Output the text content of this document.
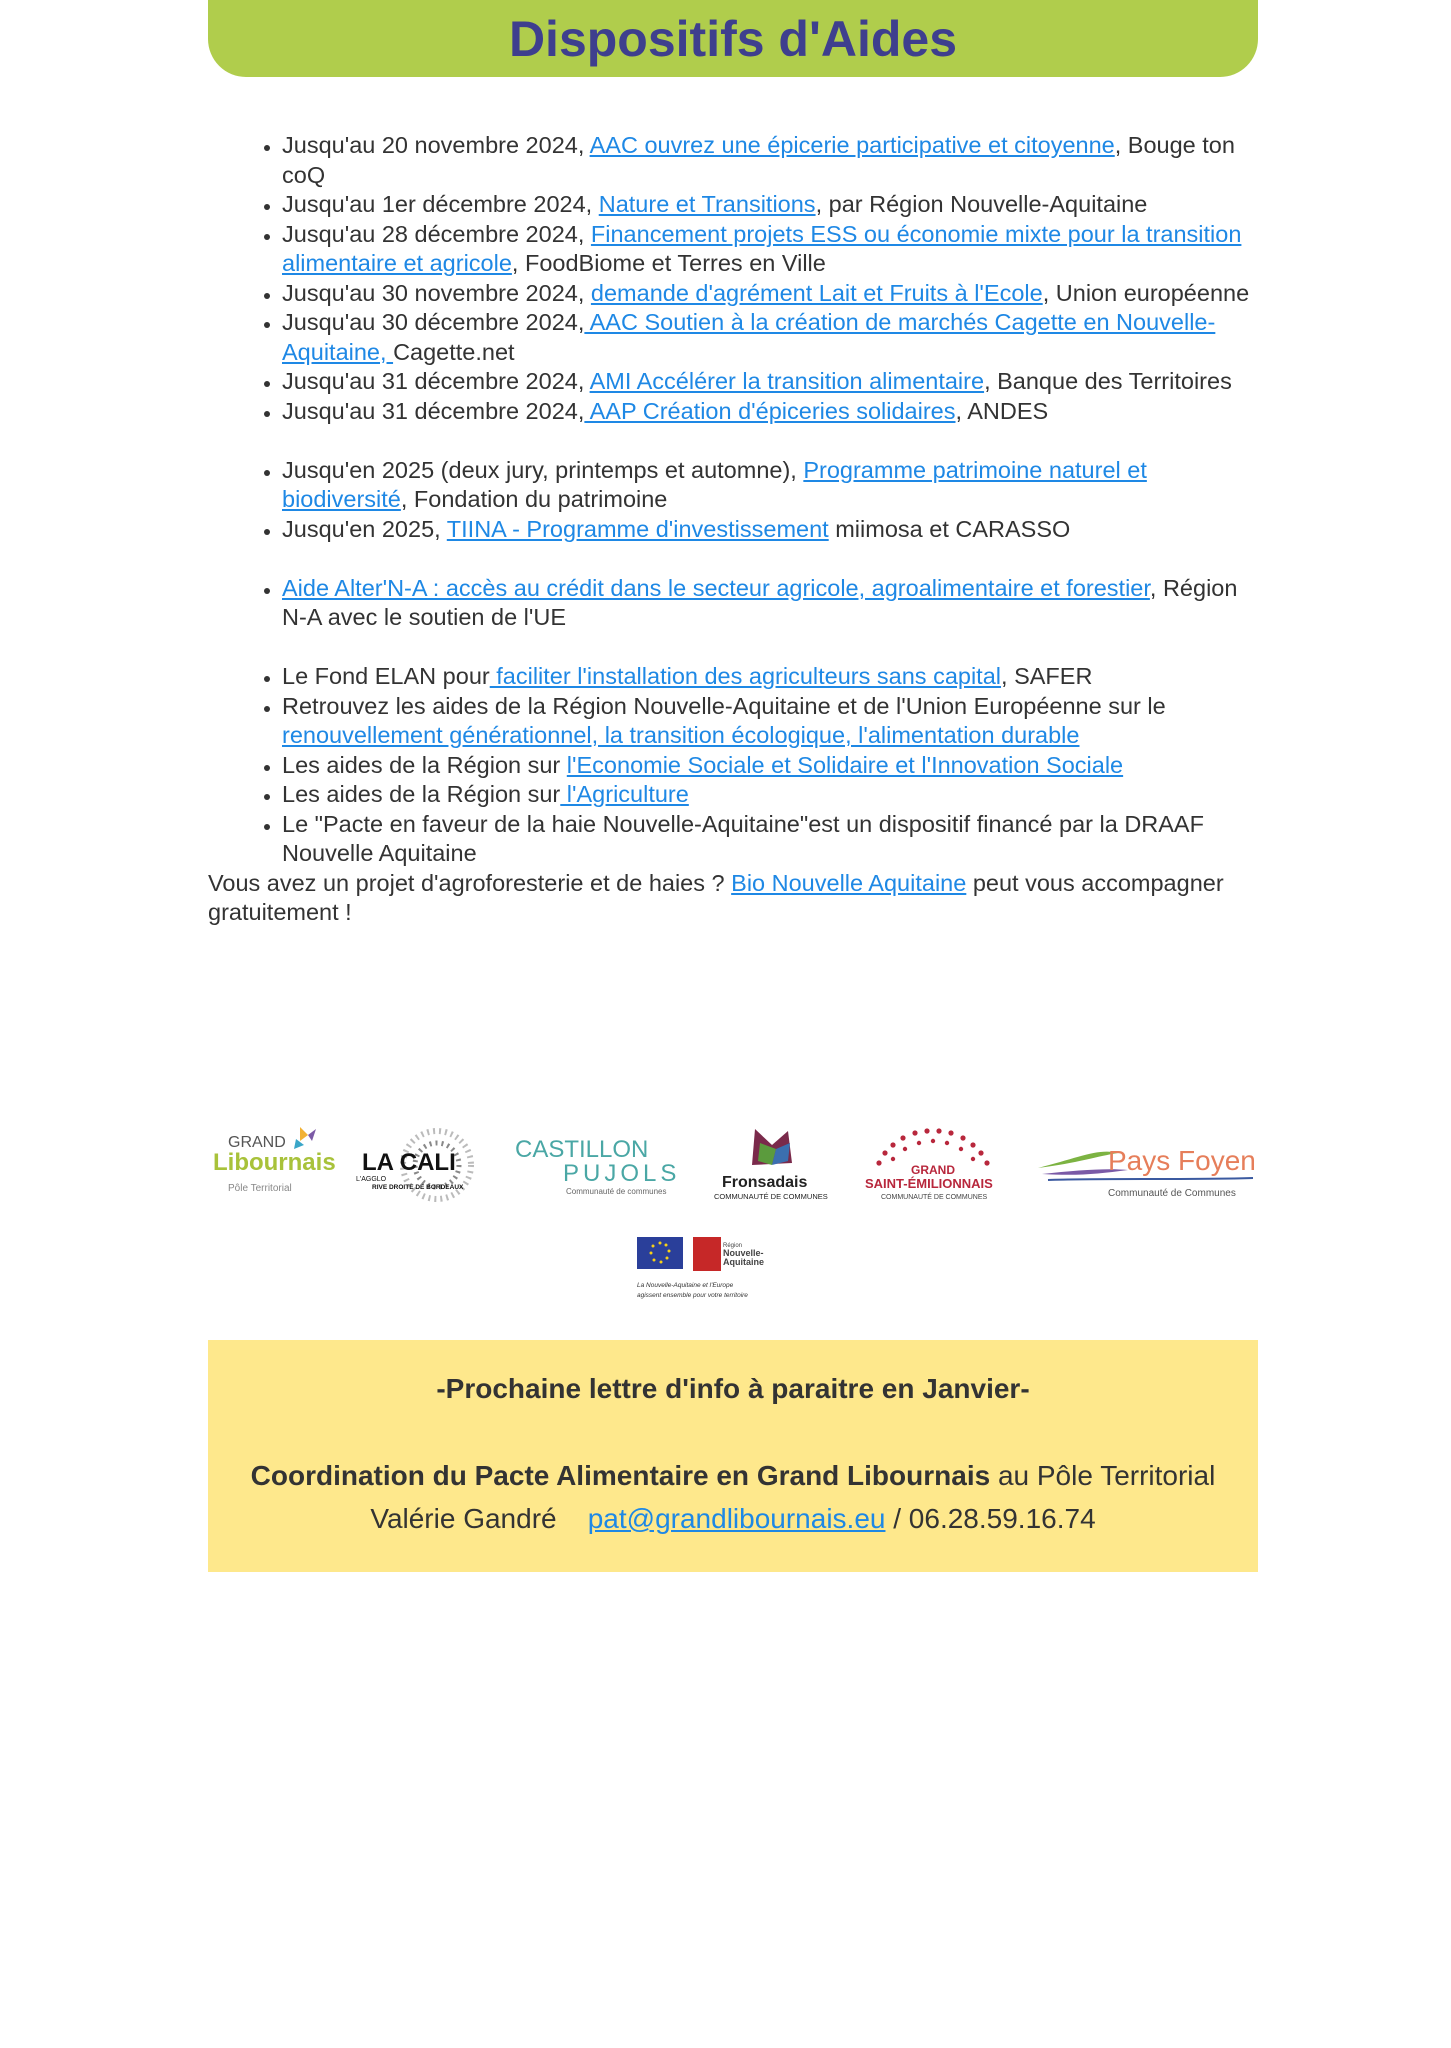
Dispositifs d'Aides
• Jusqu'au 20 novembre 2024, AAC ouvrez une épicerie participative et citoyenne, Bouge ton coQ
• Jusqu'au 1er décembre 2024, Nature et Transitions, par Région Nouvelle-Aquitaine
• Jusqu'au 28 décembre 2024, Financement projets ESS ou économie mixte pour la transition alimentaire et agricole, FoodBiome et Terres en Ville
• Jusqu'au 30 novembre 2024, demande d'agrément Lait et Fruits à l'Ecole, Union européenne
• Jusqu'au 30 décembre 2024, AAC Soutien à la création de marchés Cagette en Nouvelle-Aquitaine, Cagette.net
• Jusqu'au 31 décembre 2024, AMI Accélérer la transition alimentaire, Banque des Territoires
• Jusqu'au 31 décembre 2024, AAP Création d'épiceries solidaires, ANDES
• Jusqu'en 2025 (deux jury, printemps et automne), Programme patrimoine naturel et biodiversité, Fondation du patrimoine
• Jusqu'en 2025, TIINA - Programme d'investissement miimosa et CARASSO
• Aide Alter'N-A : accès au crédit dans le secteur agricole, agroalimentaire et forestier, Région N-A avec le soutien de l'UE
• Le Fond ELAN pour faciliter l'installation des agriculteurs sans capital, SAFER
• Retrouvez les aides de la Région Nouvelle-Aquitaine et de l'Union Européenne sur le renouvellement générationnel, la transition écologique, l'alimentation durable
• Les aides de la Région sur l'Economie Sociale et Solidaire et l'Innovation Sociale
• Les aides de la Région sur l'Agriculture
• Le "Pacte en faveur de la haie Nouvelle-Aquitaine"est un dispositif financé par la DRAAF Nouvelle Aquitaine

Vous avez un projet d'agroforesterie et de haies ? Bio Nouvelle Aquitaine peut vous accompagner gratuitement !

GRAND
Libournais
Pôle Territorial
LA CALI
L'AGGLO
RIVE DROITE DE BORDEAUX
CASTILLON
PUJOLS
Communauté de communes
Fronsadais
COMMUNAUTÉ DE COMMUNES
GRAND
SAINT-ÉMILIONNAIS
COMMUNAUTÉ DE COMMUNES
Pays Foyen
Communauté de Communes
Région
Nouvelle-
Aquitaine
La Nouvelle-Aquitaine et l'Europe
agissent ensemble pour votre territoire
-Prochaine lettre d'info à paraitre en Janvier-
Coordination du Pacte Alimentaire en Grand Libournais au Pôle Territorial
Valérie Gandré pat@grandlibournais.eu / 06.28.59.16.74
